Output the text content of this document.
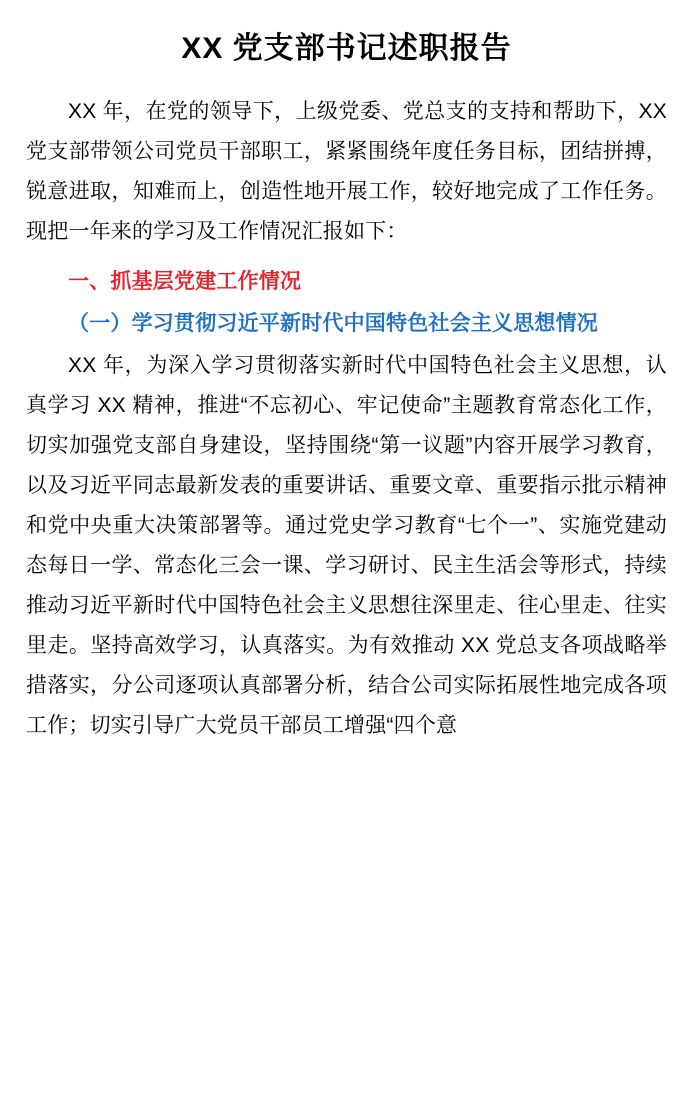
XX 党支部书记述职报告

XX 年，在党的领导下，上级党委、党总支的支持和帮助下，XX 党支部带领公司党员干部职工，紧紧围绕年度任务目标，团结拼搏，锐意进取，知难而上，创造性地开展工作，较好地完成了工作任务。现把一年来的学习及工作情况汇报如下：

一、抓基层党建工作情况
（一）学习贯彻习近平新时代中国特色社会主义思想情况

XX 年，为深入学习贯彻落实新时代中国特色社会主义思想，认真学习 XX 精神，推进“不忘初心、牢记使命”主题教育常态化工作，切实加强党支部自身建设，坚持围绕“第一议题”内容开展学习教育，以及习近平同志最新发表的重要讲话、重要文章、重要指示批示精神和党中央重大决策部署等。通过党史学习教育“七个一”、实施党建动态每日一学、常态化三会一课、学习研讨、民主生活会等形式，持续推动习近平新时代中国特色社会主义思想往深里走、往心里走、往实里走。坚持高效学习，认真落实。为有效推动 XX 党总支各项战略举措落实，分公司逐项认真部署分析，结合公司实际拓展性地完成各项工作；切实引导广大党员干部员工增强“四个意
